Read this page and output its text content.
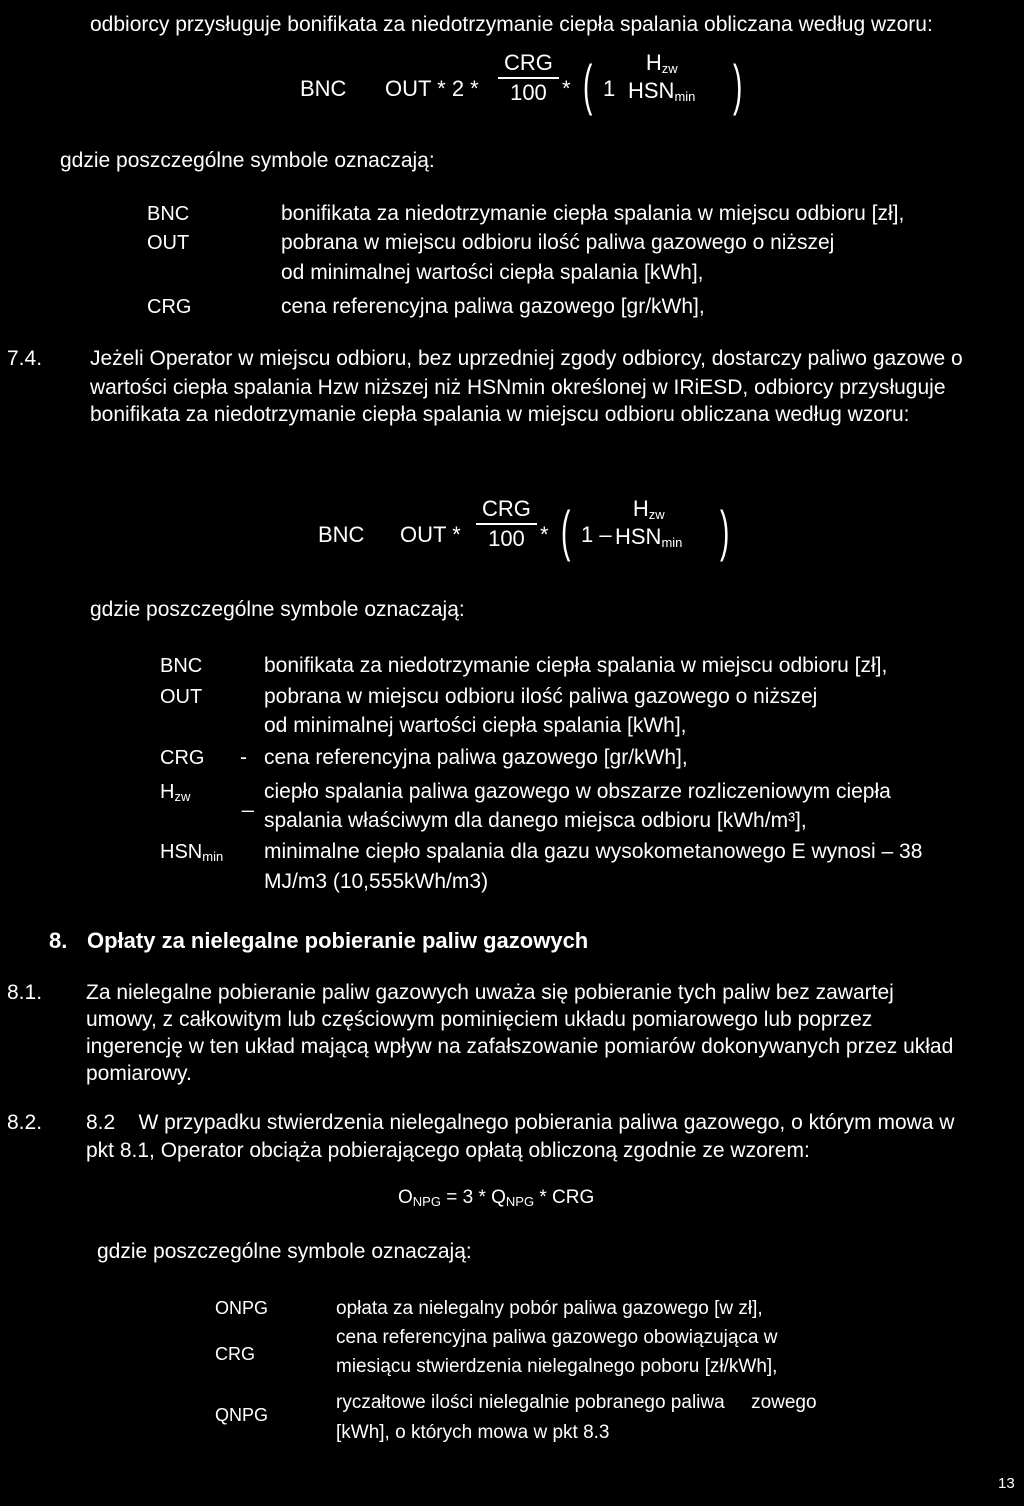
odbiorcy przysługuje bonifikata za niedotrzymanie ciepła spalania obliczana według wzoru:
BNC OUT * 2 *
CRG
100 * ( 1
$H_{zw}$
$HSN_{min}$ )
gdzie poszczególne symbole oznaczają:
BNC	bonifikata za niedotrzymanie ciepła spalania w miejscu odbioru [zł],
OUT	pobrana w miejscu odbioru ilość paliwa gazowego o niższej
od minimalnej wartości ciepła spalania [kWh],
CRG	cena referencyjna paliwa gazowego [gr/kWh],
7.4. Jeżeli Operator w miejscu odbioru, bez uprzedniej zgody odbiorcy, dostarczy paliwo gazowe o
wartości ciepła spalania Hzw niższej niż HSNmin określonej w IRiESD, odbiorcy przysługuje
bonifikata za niedotrzymanie ciepła spalania w miejscu odbioru obliczana według wzoru:
BNC OUT *
CRG
100 * ( 1 –
$H_{zw}$
$HSN_{min}$ )
gdzie poszczególne symbole oznaczają:
BNC	bonifikata za niedotrzymanie ciepła spalania w miejscu odbioru [zł],
OUT	pobrana w miejscu odbioru ilość paliwa gazowego o niższej
od minimalnej wartości ciepła spalania [kWh],
CRG - cena referencyjna paliwa gazowego [gr/kWh],
$H_{zw}$ _ ciepło spalania paliwa gazowego w obszarze rozliczeniowym ciepła
spalania właściwym dla danego miejsca odbioru [kWh/m³],
$HSN_{min}$ minimalne ciepło spalania dla gazu wysokometanowego E wynosi – 38
MJ/m3 (10,555kWh/m3)
8. Opłaty za nielegalne pobieranie paliw gazowych
8.1. Za nielegalne pobieranie paliw gazowych uważa się pobieranie tych paliw bez zawartej
umowy, z całkowitym lub częściowym pominięciem układu pomiarowego lub poprzez
ingerencję w ten układ mającą wpływ na zafałszowanie pomiarów dokonywanych przez układ
pomiarowy.
8.2. 8.2    W przypadku stwierdzenia nielegalnego pobierania paliwa gazowego, o którym mowa w
pkt 8.1, Operator obciąża pobierającego opłatą obliczoną zgodnie ze wzorem:
$O_{NPG} = 3 * Q_{NPG}$ * CRG
gdzie poszczególne symbole oznaczają:
ONPG	opłata za nielegalny pobór paliwa gazowego [w zł],
CRG
cena referencyjna paliwa gazowego obowiązująca w
miesiącu stwierdzenia nielegalnego poboru [zł/kWh],
QNPG
ryczałtowe ilości nielegalnie pobranego paliwa     zowego
[kWh], o których mowa w pkt 8.3
13
